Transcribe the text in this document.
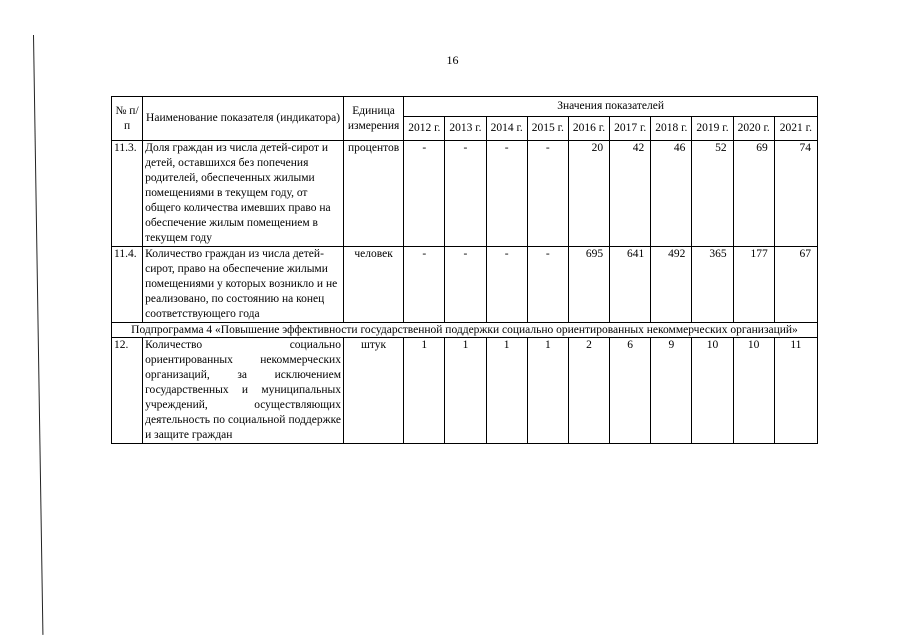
16
№ п/п	Наименование показателя (индикатора)	Единица измерения	Значения показателей									
			2012 г.	2013 г.	2014 г.	2015 г.	2016 г.	2017 г.	2018 г.	2019 г.	2020 г.	2021 г.
11.3.	Доля граждан из числа детей-сирот и детей, оставшихся без попечения родителей, обеспеченных жилыми помещениями в текущем году, от общего количества имевших право на обеспечение жилым помещением в текущем году	процентов	-	-	-	-	20	42	46	52	69	74
11.4.	Количество граждан из числа детей-сирот, право на обеспечение жилыми помещениями у которых возникло и не реализовано, по состоянию на конец соответствующего года	человек	-	-	-	-	695	641	492	365	177	67
Подпрограмма 4 «Повышение эффективности государственной поддержки социально ориентированных некоммерческих организаций»												
12.	Количество социально ориентированных некоммерческих организаций, за исключением государственных и муниципальных учреждений, осуществляющих деятельность по социальной поддержке и защите граждан	штук	1	1	1	1	2	6	9	10	10	11
